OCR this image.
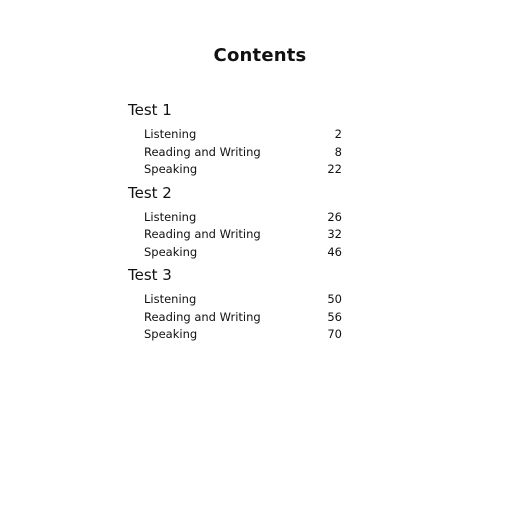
Contents
Test 1
Listening	2
Reading and Writing	8
Speaking	22
Test 2
Listening	26
Reading and Writing	32
Speaking	46
Test 3
Listening	50
Reading and Writing	56
Speaking	70
